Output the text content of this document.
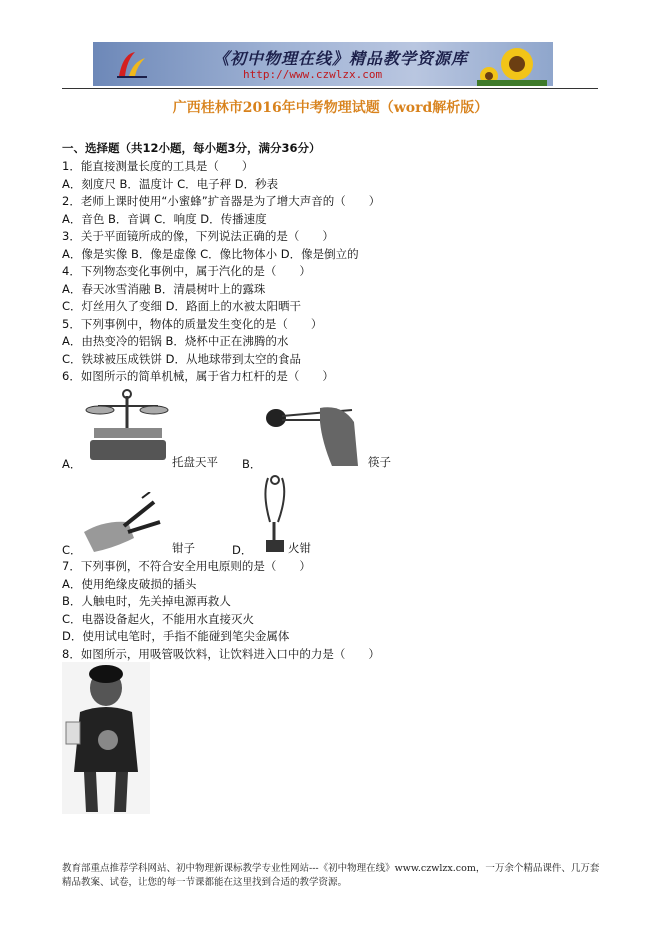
《初中物理在线》精品教学资源库
http://www.czwlzx.com
广西桂林市2016年中考物理试题（word解析版）
一、选择题（共12小题，每小题3分，满分36分）
1．能直接测量长度的工具是（　　）
A．刻度尺 B．温度计 C．电子秤 D．秒表
2．老师上课时使用“小蜜蜂”扩音器是为了增大声音的（　　）
A．音色 B．音调 C．响度 D．传播速度
3．关于平面镜所成的像，下列说法正确的是（　　）
A．像是实像 B．像是虚像 C．像比物体小 D．像是倒立的
4．下列物态变化事例中，属于汽化的是（　　）
A．春天冰雪消融 B．清晨树叶上的露珠
C．灯丝用久了变细 D．路面上的水被太阳晒干
5．下列事例中，物体的质量发生变化的是（　　）
A．由热变冷的铝锅 B．烧杯中正在沸腾的水
C．铁球被压成铁饼 D．从地球带到太空的食品
6．如图所示的简单机械，属于省力杠杆的是（　　）
A．	托盘天平 B．	筷子
C．	钳子	D．	火钳
7．下列事例，不符合安全用电原则的是（　　）
A．使用绝缘皮破损的插头
B．人触电时，先关掉电源再救人
C．电器设备起火，不能用水直接灭火
D．使用试电笔时，手指不能碰到笔尖金属体
8．如图所示，用吸管吸饮料，让饮料进入口中的力是（　　）
教育部重点推荐学科网站、初中物理新课标教学专业性网站---《初中物理在线》www.czwlzx.com，一万余个精品课件、几万套精品教案、试卷，让您的每一节课都能在这里找到合适的教学资源。
